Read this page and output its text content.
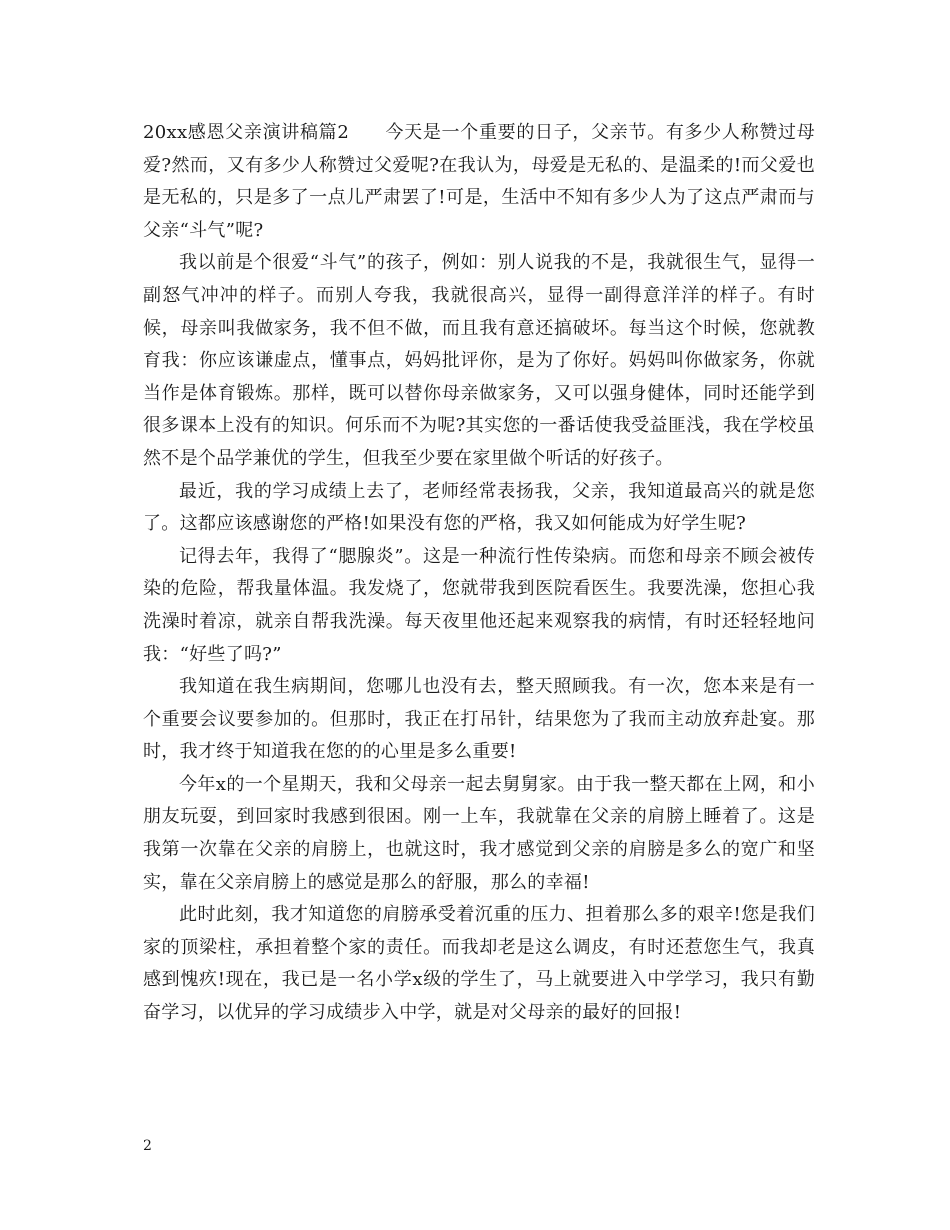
20xx感恩父亲演讲稿篇2 今天是一个重要的日子，父亲节。有多少人称赞过母爱?然而，又有多少人称赞过父爱呢?在我认为，母爱是无私的、是温柔的!而父爱也是无私的，只是多了一点儿严肃罢了!可是，生活中不知有多少人为了这点严肃而与父亲“斗气”呢?

我以前是个很爱“斗气”的孩子，例如：别人说我的不是，我就很生气，显得一副怒气冲冲的样子。而别人夸我，我就很高兴，显得一副得意洋洋的样子。有时候，母亲叫我做家务，我不但不做，而且我有意还搞破坏。每当这个时候，您就教育我：你应该谦虚点，懂事点，妈妈批评你，是为了你好。妈妈叫你做家务，你就当作是体育锻炼。那样，既可以替你母亲做家务，又可以强身健体，同时还能学到很多课本上没有的知识。何乐而不为呢?其实您的一番话使我受益匪浅，我在学校虽然不是个品学兼优的学生，但我至少要在家里做个听话的好孩子。

最近，我的学习成绩上去了，老师经常表扬我，父亲，我知道最高兴的就是您了。这都应该感谢您的严格!如果没有您的严格，我又如何能成为好学生呢?

记得去年，我得了“腮腺炎”。这是一种流行性传染病。而您和母亲不顾会被传染的危险，帮我量体温。我发烧了，您就带我到医院看医生。我要洗澡，您担心我洗澡时着凉，就亲自帮我洗澡。每天夜里他还起来观察我的病情，有时还轻轻地问我：“好些了吗?”

我知道在我生病期间，您哪儿也没有去，整天照顾我。有一次，您本来是有一个重要会议要参加的。但那时，我正在打吊针，结果您为了我而主动放弃赴宴。那时，我才终于知道我在您的的心里是多么重要!

今年x的一个星期天，我和父母亲一起去舅舅家。由于我一整天都在上网，和小朋友玩耍，到回家时我感到很困。刚一上车，我就靠在父亲的肩膀上睡着了。这是我第一次靠在父亲的肩膀上，也就这时，我才感觉到父亲的肩膀是多么的宽广和坚实，靠在父亲肩膀上的感觉是那么的舒服，那么的幸福!

此时此刻，我才知道您的肩膀承受着沉重的压力、担着那么多的艰辛!您是我们家的顶梁柱，承担着整个家的责任。而我却老是这么调皮，有时还惹您生气，我真感到愧疚!现在，我已是一名小学x级的学生了，马上就要进入中学学习，我只有勤奋学习，以优异的学习成绩步入中学，就是对父母亲的最好的回报!

2
